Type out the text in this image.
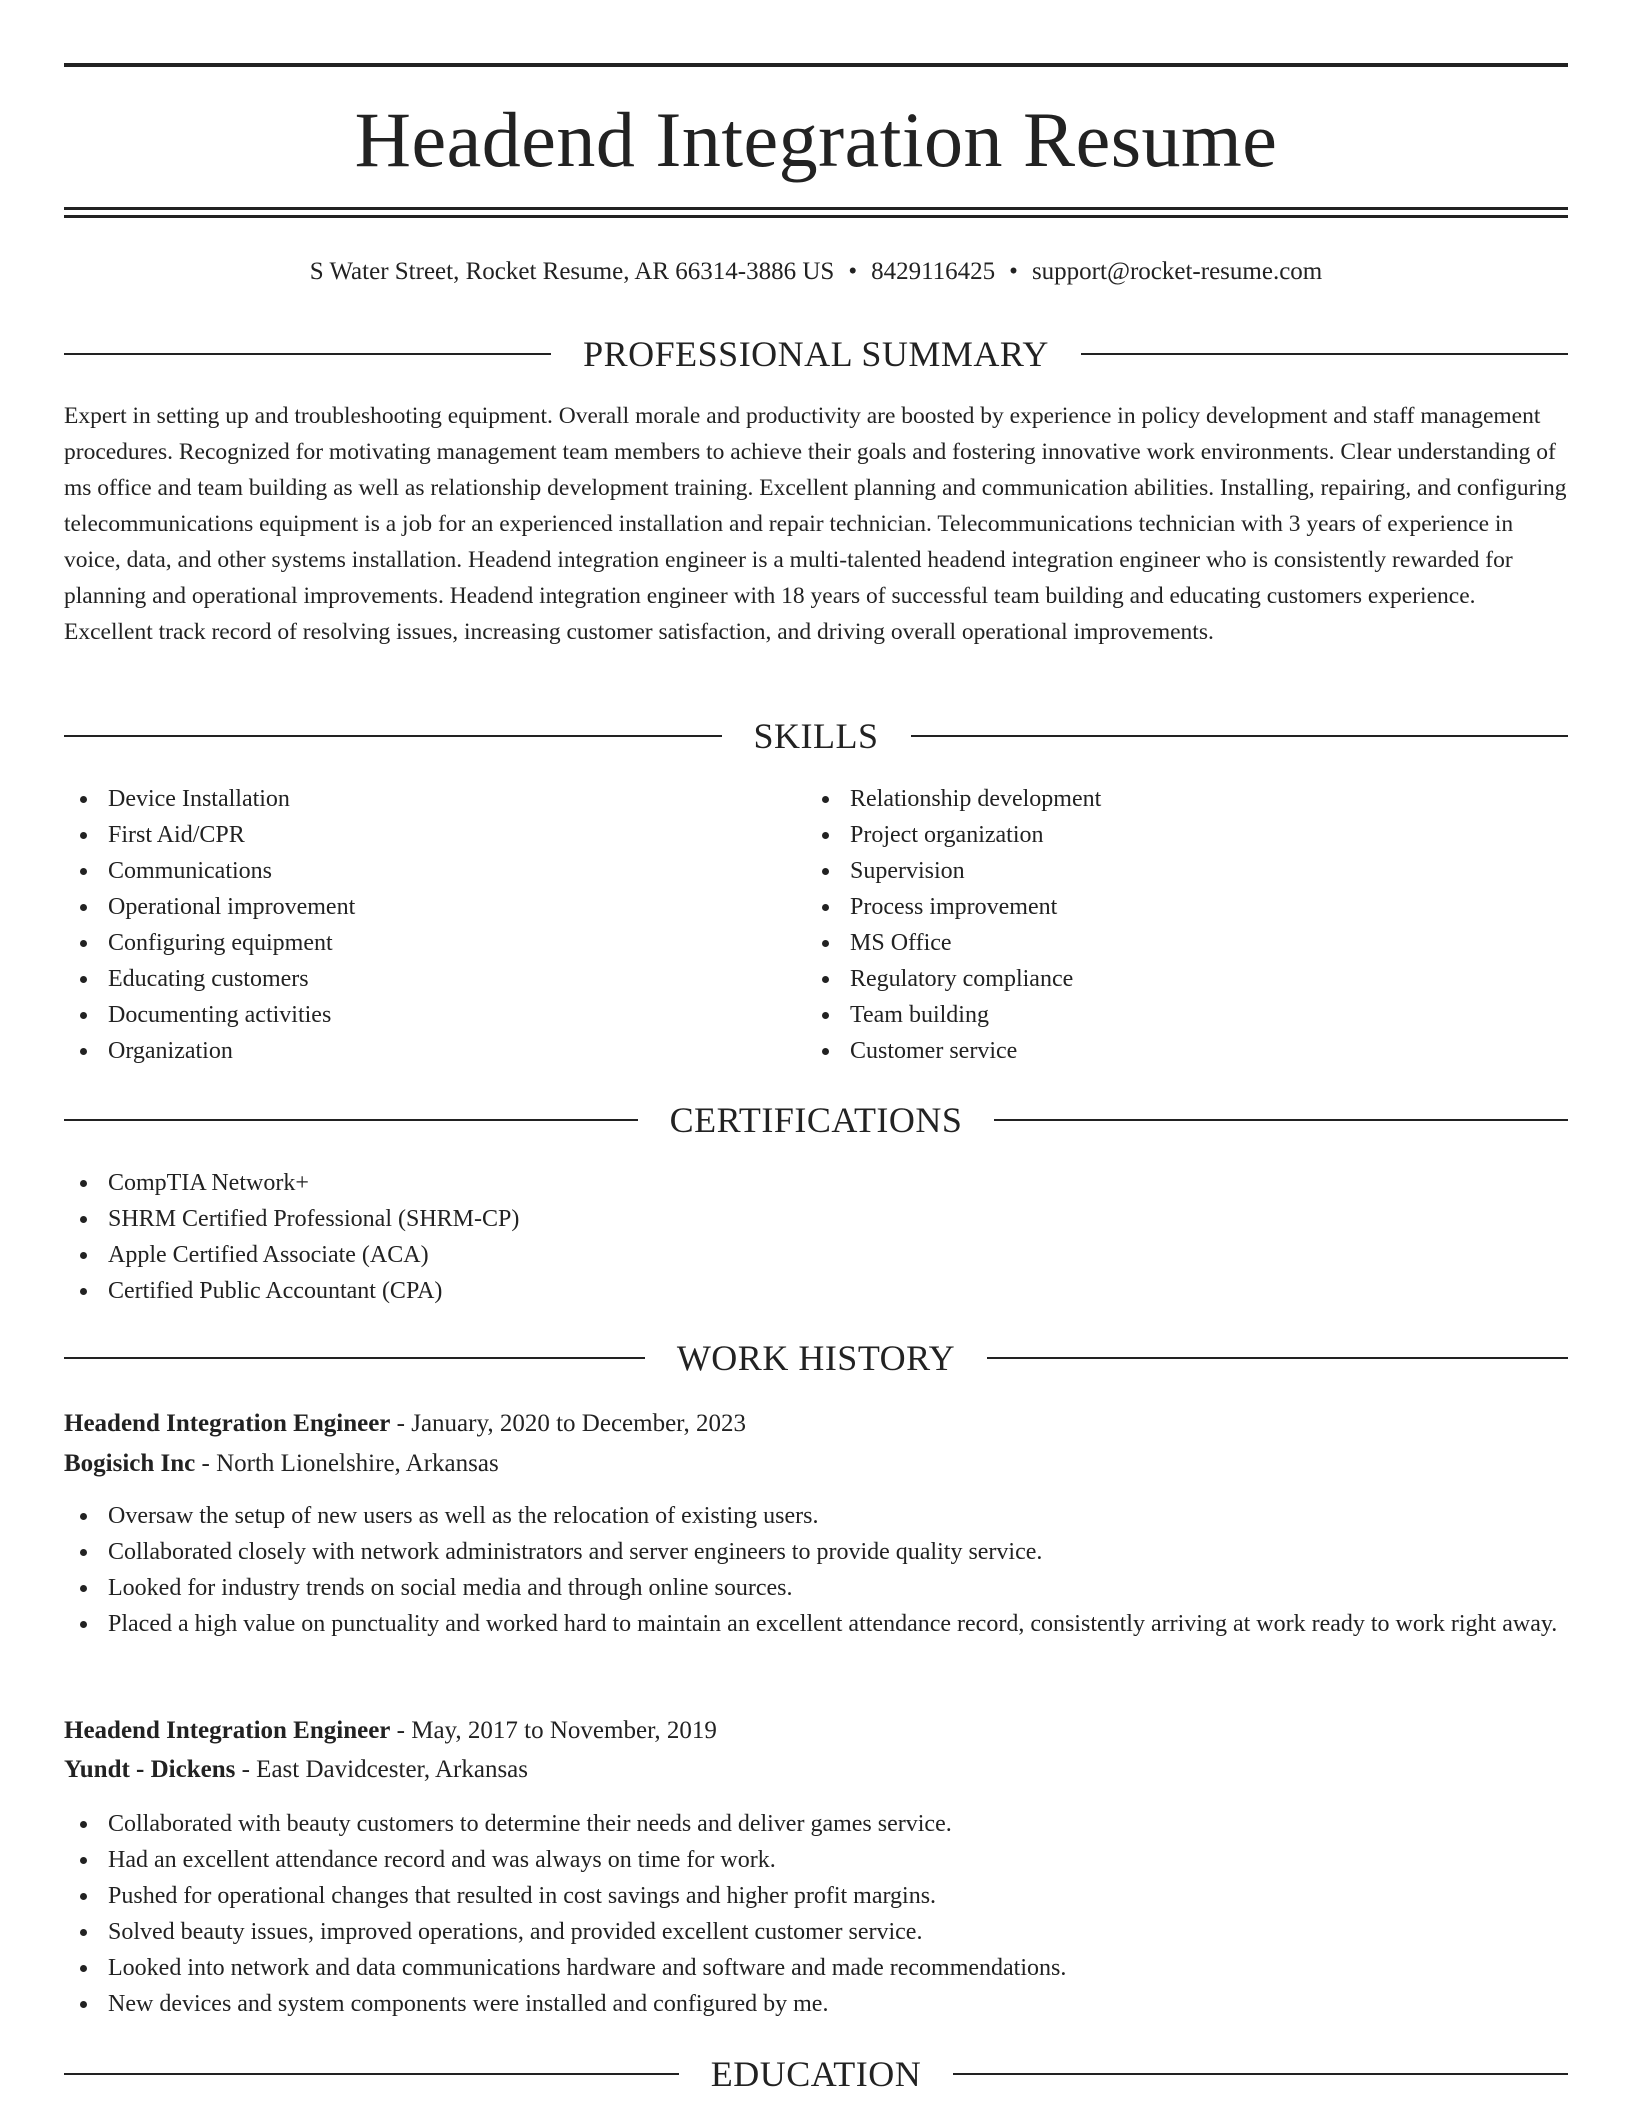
Headend Integration Resume
S Water Street, Rocket Resume, AR 66314-3886 US • 8429116425 • support@rocket-resume.com
PROFESSIONAL SUMMARY

Expert in setting up and troubleshooting equipment. Overall morale and productivity are boosted by experience in policy development and staff management procedures. Recognized for motivating management team members to achieve their goals and fostering innovative work environments. Clear understanding of ms office and team building as well as relationship development training. Excellent planning and communication abilities. Installing, repairing, and configuring telecommunications equipment is a job for an experienced installation and repair technician. Telecommunications technician with 3 years of experience in voice, data, and other systems installation. Headend integration engineer is a multi-talented headend integration engineer who is consistently rewarded for planning and operational improvements. Headend integration engineer with 18 years of successful team building and educating customers experience. Excellent track record of resolving issues, increasing customer satisfaction, and driving overall operational improvements.

SKILLS
Device Installation
First Aid/CPR
Communications
Operational improvement
Configuring equipment
Educating customers
Documenting activities
Organization
Relationship development
Project organization
Supervision
Process improvement
MS Office
Regulatory compliance
Team building
Customer service
CERTIFICATIONS
CompTIA Network+
SHRM Certified Professional (SHRM-CP)
Apple Certified Associate (ACA)
Certified Public Accountant (CPA)
WORK HISTORY
Headend Integration Engineer - January, 2020 to December, 2023
Bogisich Inc - North Lionelshire, Arkansas
Oversaw the setup of new users as well as the relocation of existing users.
Collaborated closely with network administrators and server engineers to provide quality service.
Looked for industry trends on social media and through online sources.
Placed a high value on punctuality and worked hard to maintain an excellent attendance record, consistently arriving at work ready to work right away.
Headend Integration Engineer - May, 2017 to November, 2019
Yundt - Dickens - East Davidcester, Arkansas
Collaborated with beauty customers to determine their needs and deliver games service.
Had an excellent attendance record and was always on time for work.
Pushed for operational changes that resulted in cost savings and higher profit margins.
Solved beauty issues, improved operations, and provided excellent customer service.
Looked into network and data communications hardware and software and made recommendations.
New devices and system components were installed and configured by me.
EDUCATION
